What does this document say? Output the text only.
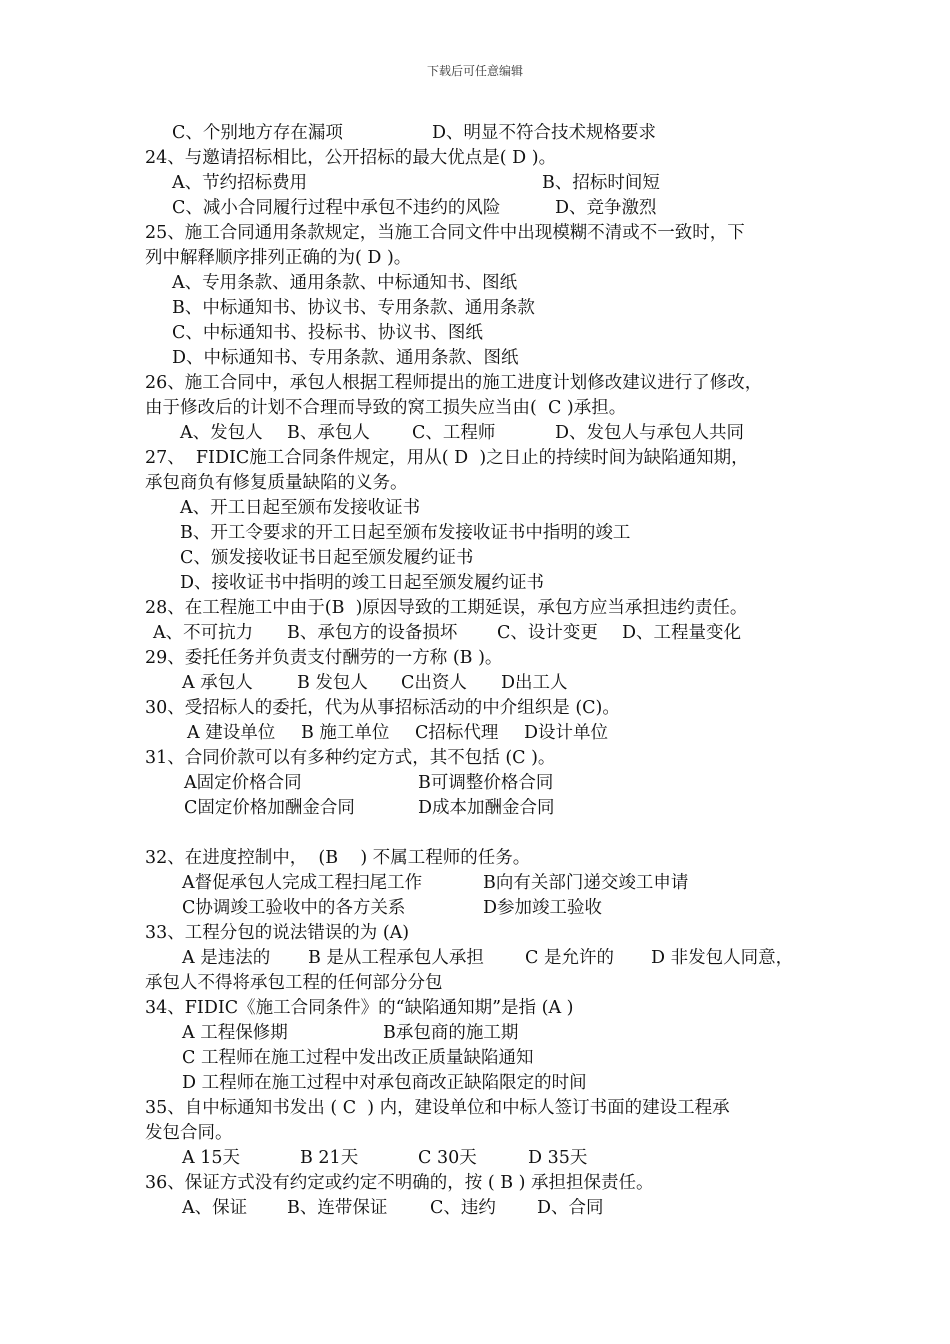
下载后可任意编辑
C、个别地方存在漏项	D、明显不符合技术规格要求
24、与邀请招标相比，公开招标的最大优点是( D )。
A、节约招标费用	B、招标时间短
C、减小合同履行过程中承包不违约的风险	D、竞争激烈
25、施工合同通用条款规定，当施工合同文件中出现模糊不清或不一致时，下
列中解释顺序排列正确的为( D )。
A、专用条款、通用条款、中标通知书、图纸
B、中标通知书、协议书、专用条款、通用条款
C、中标通知书、投标书、协议书、图纸
D、中标通知书、专用条款、通用条款、图纸
26、施工合同中，承包人根据工程师提出的施工进度计划修改建议进行了修改，
由于修改后的计划不合理而导致的窝工损失应当由(  C )承担。
A、发包人 B、承包人 C、工程师	D、发包人与承包人共同
27、  FIDIC施工合同条件规定，用从( D  )之日止的持续时间为缺陷通知期，
承包商负有修复质量缺陷的义务。
A、开工日起至颁布发接收证书
B、开工令要求的开工日起至颁布发接收证书中指明的竣工
C、颁发接收证书日起至颁发履约证书
D、接收证书中指明的竣工日起至颁发履约证书
28、在工程施工中由于(B  )原因导致的工期延误，承包方应当承担违约责任。
A、不可抗力 B、承包方的设备损坏 C、设计变更 D、工程量变化
29、委托任务并负责支付酬劳的一方称 (B )。
A 承包人	B 发包人 C出资人 D出工人
30、受招标人的委托，代为从事招标活动的中介组织是 (C)。
A 建设单位 B 施工单位 C招标代理 D设计单位
31、合同价款可以有多种约定方式，其不包括 (C )。
A固定价格合同	B可调整价格合同
C固定价格加酬金合同	D成本加酬金合同
32、在进度控制中，  (B    ) 不属工程师的任务。
A督促承包人完成工程扫尾工作	B向有关部门递交竣工申请
C协调竣工验收中的各方关系	D参加竣工验收
33、工程分包的说法错误的为 (A)
A 是违法的 B 是从工程承包人承担 C 是允许的 D 非发包人同意，
承包人不得将承包工程的任何部分分包
34、FIDIC《施工合同条件》的“缺陷通知期”是指 (A )
A 工程保修期	B承包商的施工期
C 工程师在施工过程中发出改正质量缺陷通知
D 工程师在施工过程中对承包商改正缺陷限定的时间
35、自中标通知书发出 ( C  ) 内，建设单位和中标人签订书面的建设工程承
发包合同。
A 15天	B 21天	C 30天	D 35天
36、保证方式没有约定或约定不明确的，按 ( B ) 承担担保责任。
A、保证 B、连带保证 C、违约 D、合同
